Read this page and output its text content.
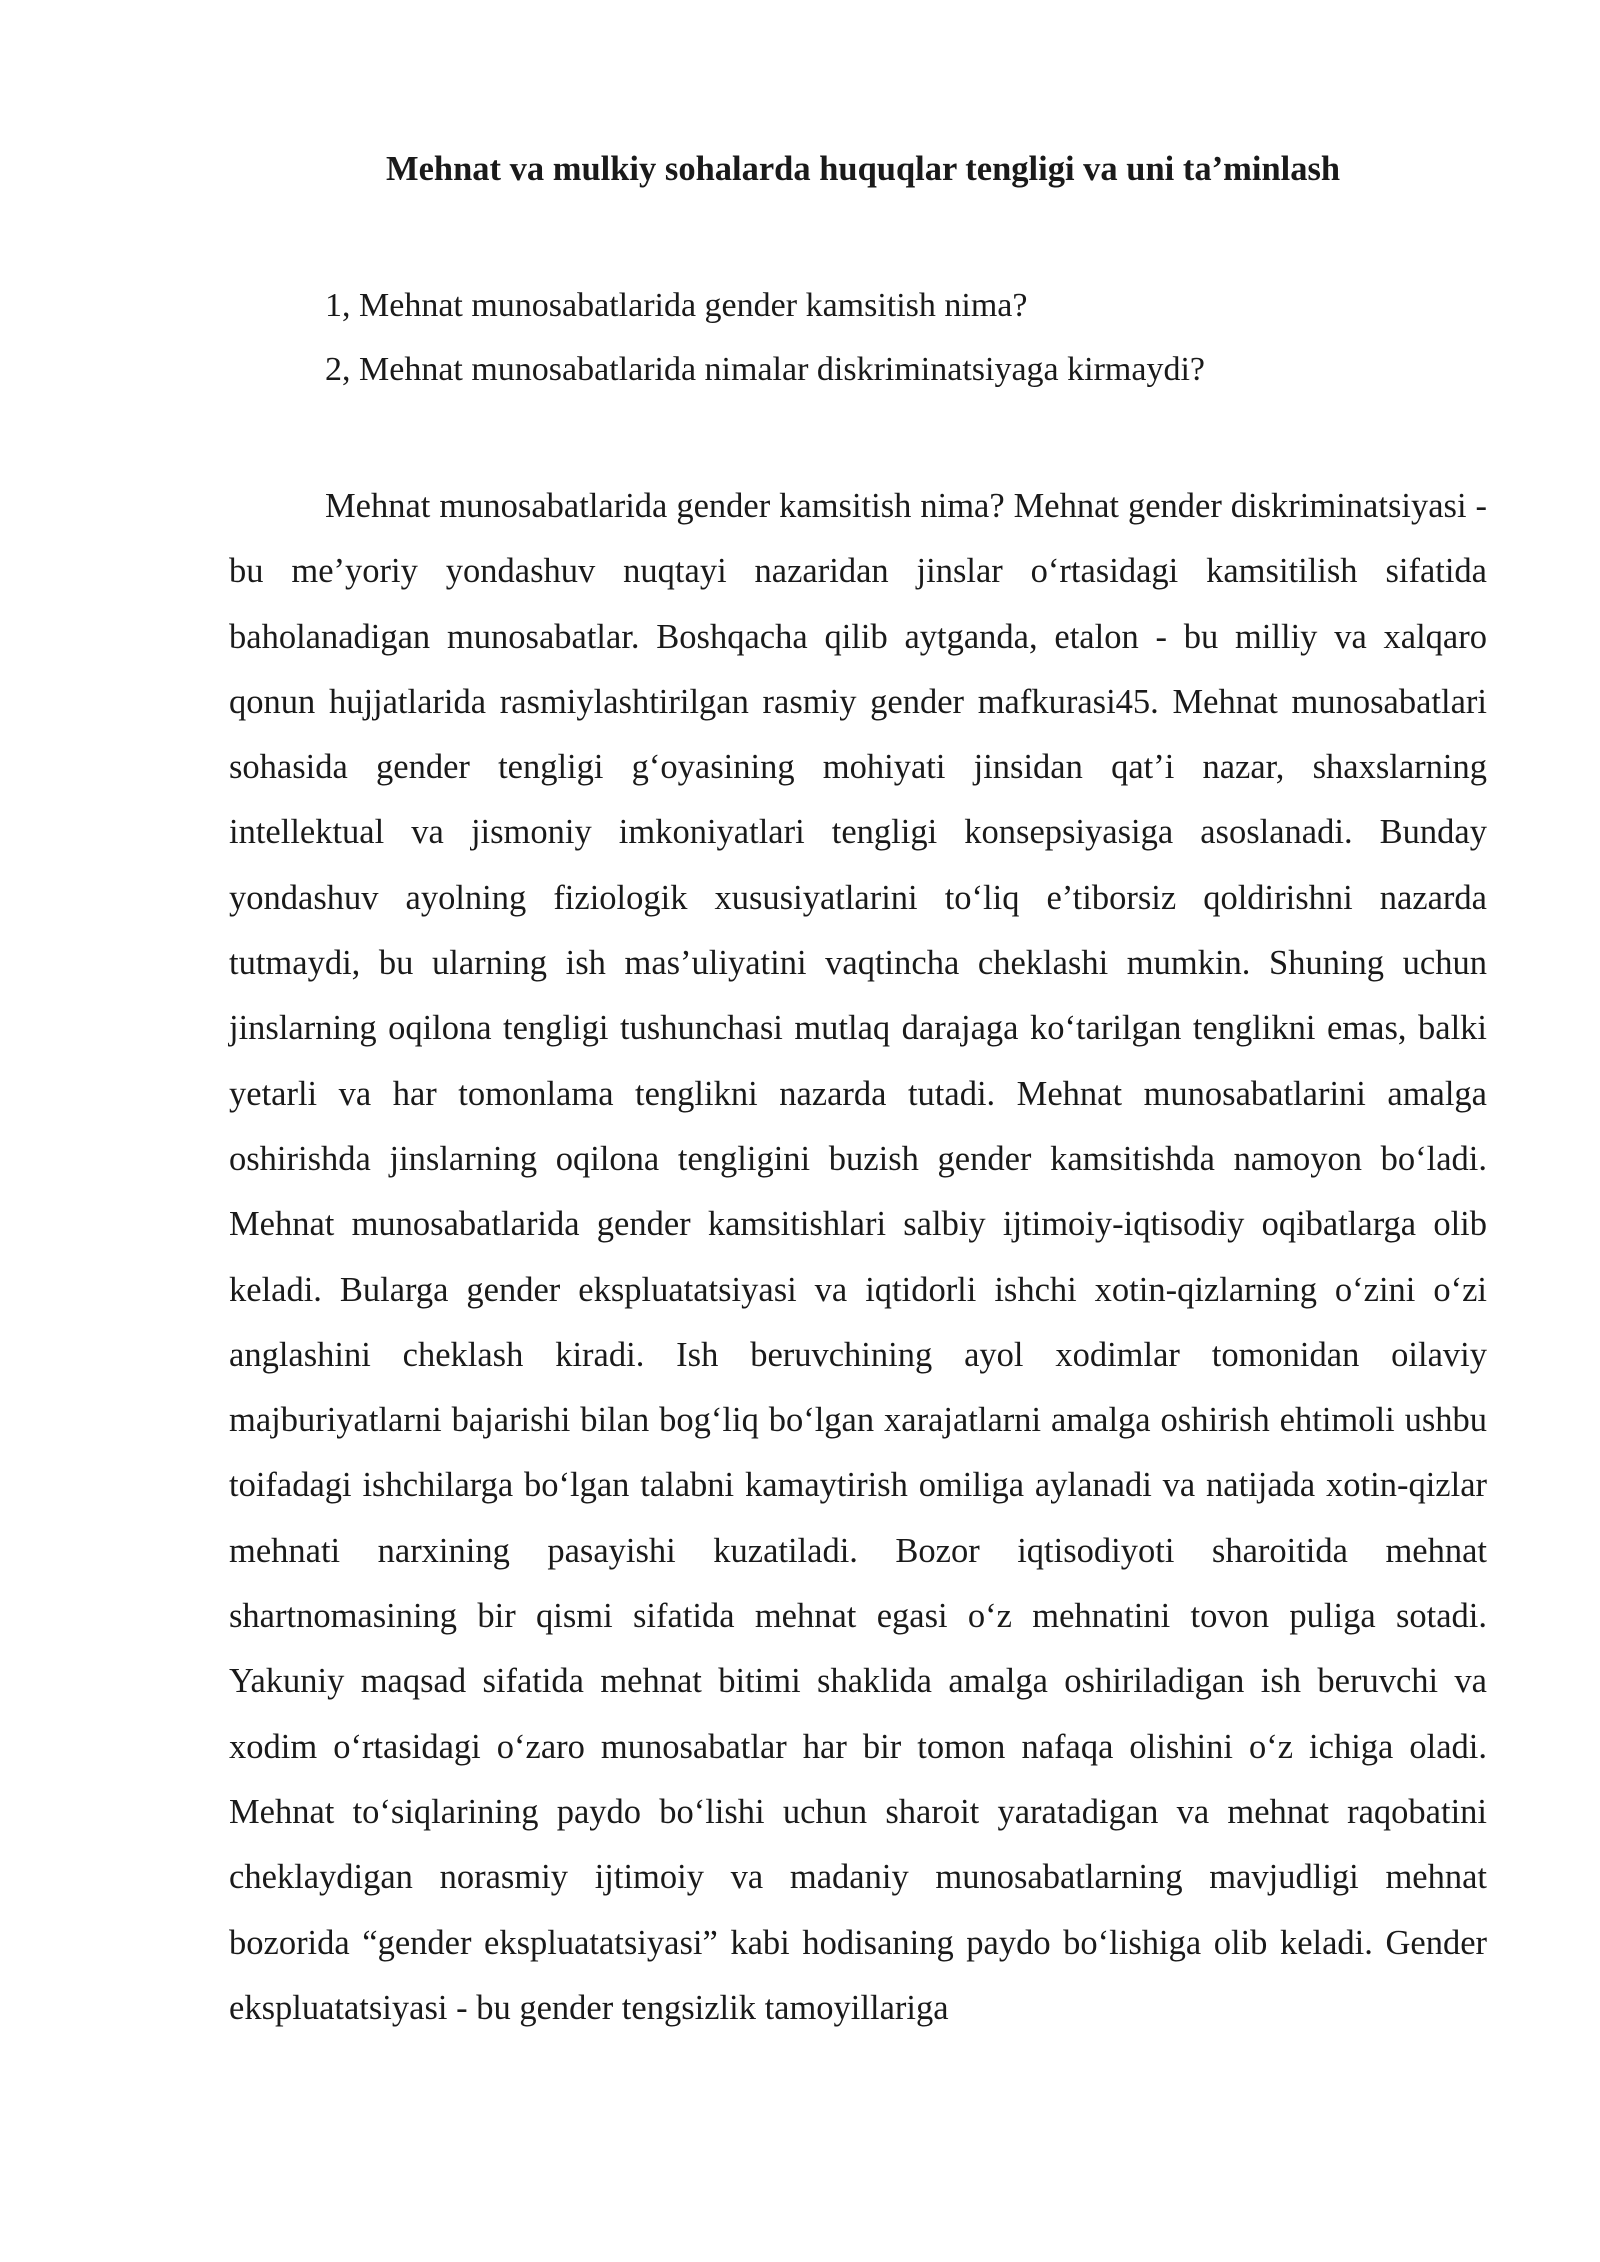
Mehnat va mulkiy sohalarda huquqlar tengligi va uni ta’minlash
1, Mehnat munosabatlarida gender kamsitish nima?
2, Mehnat munosabatlarida nimalar diskriminatsiyaga kirmaydi?

Mehnat munosabatlarida gender kamsitish nima? Mehnat gender diskriminatsiyasi - bu me’yoriy yondashuv nuqtayi nazaridan jinslar o‘rtasidagi kamsitilish sifatida baholanadigan munosabatlar. Boshqacha qilib aytganda, etalon - bu milliy va xalqaro qonun hujjatlarida rasmiylashtirilgan rasmiy gender mafkurasi45. Mehnat munosabatlari sohasida gender tengligi g‘oyasining mohiyati jinsidan qat’i nazar, shaxslarning intellektual va jismoniy imkoniyatlari tengligi konsepsiyasiga asoslanadi. Bunday yondashuv ayolning fiziologik xususiyatlarini to‘liq e’tiborsiz qoldirishni nazarda tutmaydi, bu ularning ish mas’uliyatini vaqtincha cheklashi mumkin. Shuning uchun jinslarning oqilona tengligi tushunchasi mutlaq darajaga ko‘tarilgan tenglikni emas, balki yetarli va har tomonlama tenglikni nazarda tutadi. Mehnat munosabatlarini amalga oshirishda jinslarning oqilona tengligini buzish gender kamsitishda namoyon bo‘ladi. Mehnat munosabatlarida gender kamsitishlari salbiy ijtimoiy-iqtisodiy oqibatlarga olib keladi. Bularga gender ekspluatatsiyasi va iqtidorli ishchi xotin-qizlarning o‘zini o‘zi anglashini cheklash kiradi. Ish beruvchining ayol xodimlar tomonidan oilaviy majburiyatlarni bajarishi bilan bog‘liq bo‘lgan xarajatlarni amalga oshirish ehtimoli ushbu toifadagi ishchilarga bo‘lgan talabni kamaytirish omiliga aylanadi va natijada xotin-qizlar mehnati narxining pasayishi kuzatiladi. Bozor iqtisodiyoti sharoitida mehnat shartnomasining bir qismi sifatida mehnat egasi o‘z mehnatini tovon puliga sotadi. Yakuniy maqsad sifatida mehnat bitimi shaklida amalga oshiriladigan ish beruvchi va xodim o‘rtasidagi o‘zaro munosabatlar har bir tomon nafaqa olishini o‘z ichiga oladi. Mehnat to‘siqlarining paydo bo‘lishi uchun sharoit yaratadigan va mehnat raqobatini cheklaydigan norasmiy ijtimoiy va madaniy munosabatlarning mavjudligi mehnat bozorida “gender ekspluatatsiyasi” kabi hodisaning paydo bo‘lishiga olib keladi. Gender ekspluatatsiyasi - bu gender tengsizlik tamoyillariga
